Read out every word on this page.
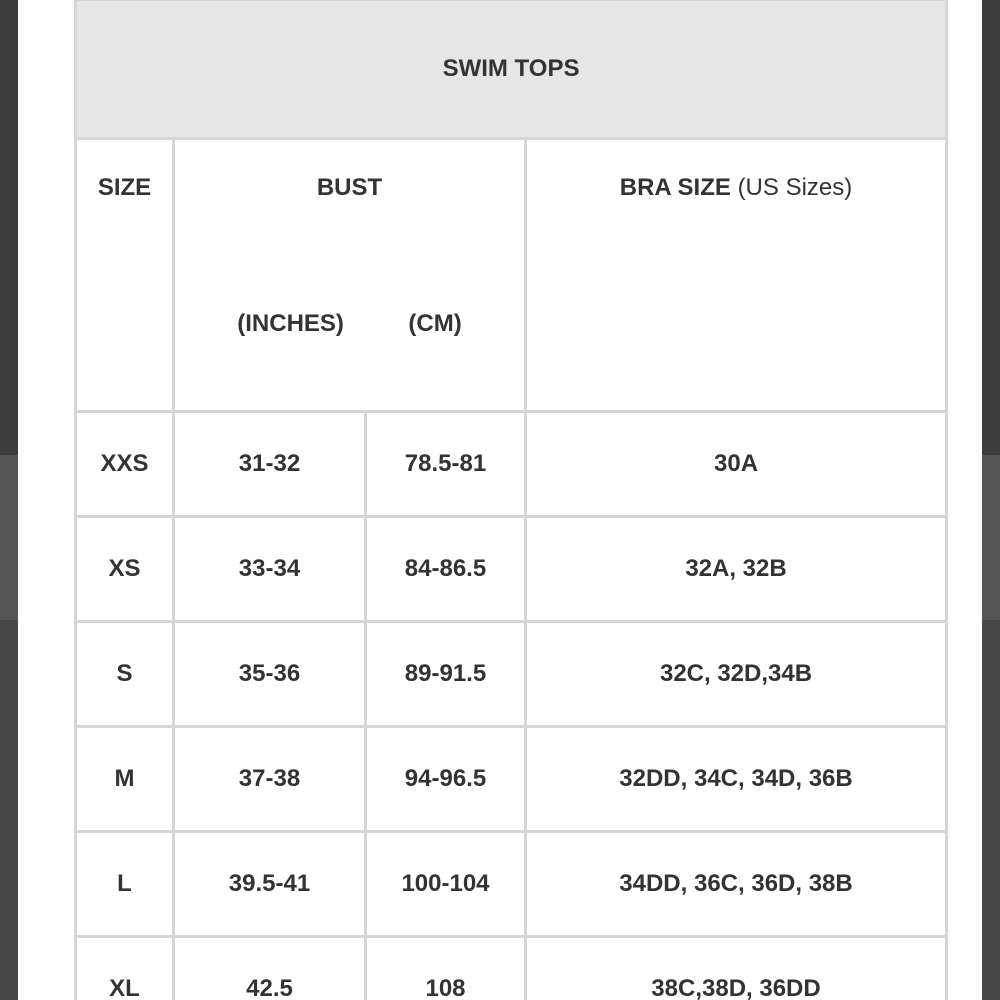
SWIM TOPS			
SIZE	BUST		BRA SIZE (US Sizes)

	(INCHES) (CM)		

XXS	31-32	78.5-81	30A
XS	33-34	84-86.5	32A, 32B
S	35-36	89-91.5	32C, 32D,34B
M	37-38	94-96.5	32DD, 34C, 34D, 36B
L	39.5-41	100-104	34DD, 36C, 36D, 38B
XL	42.5	108	38C,38D, 36DD
